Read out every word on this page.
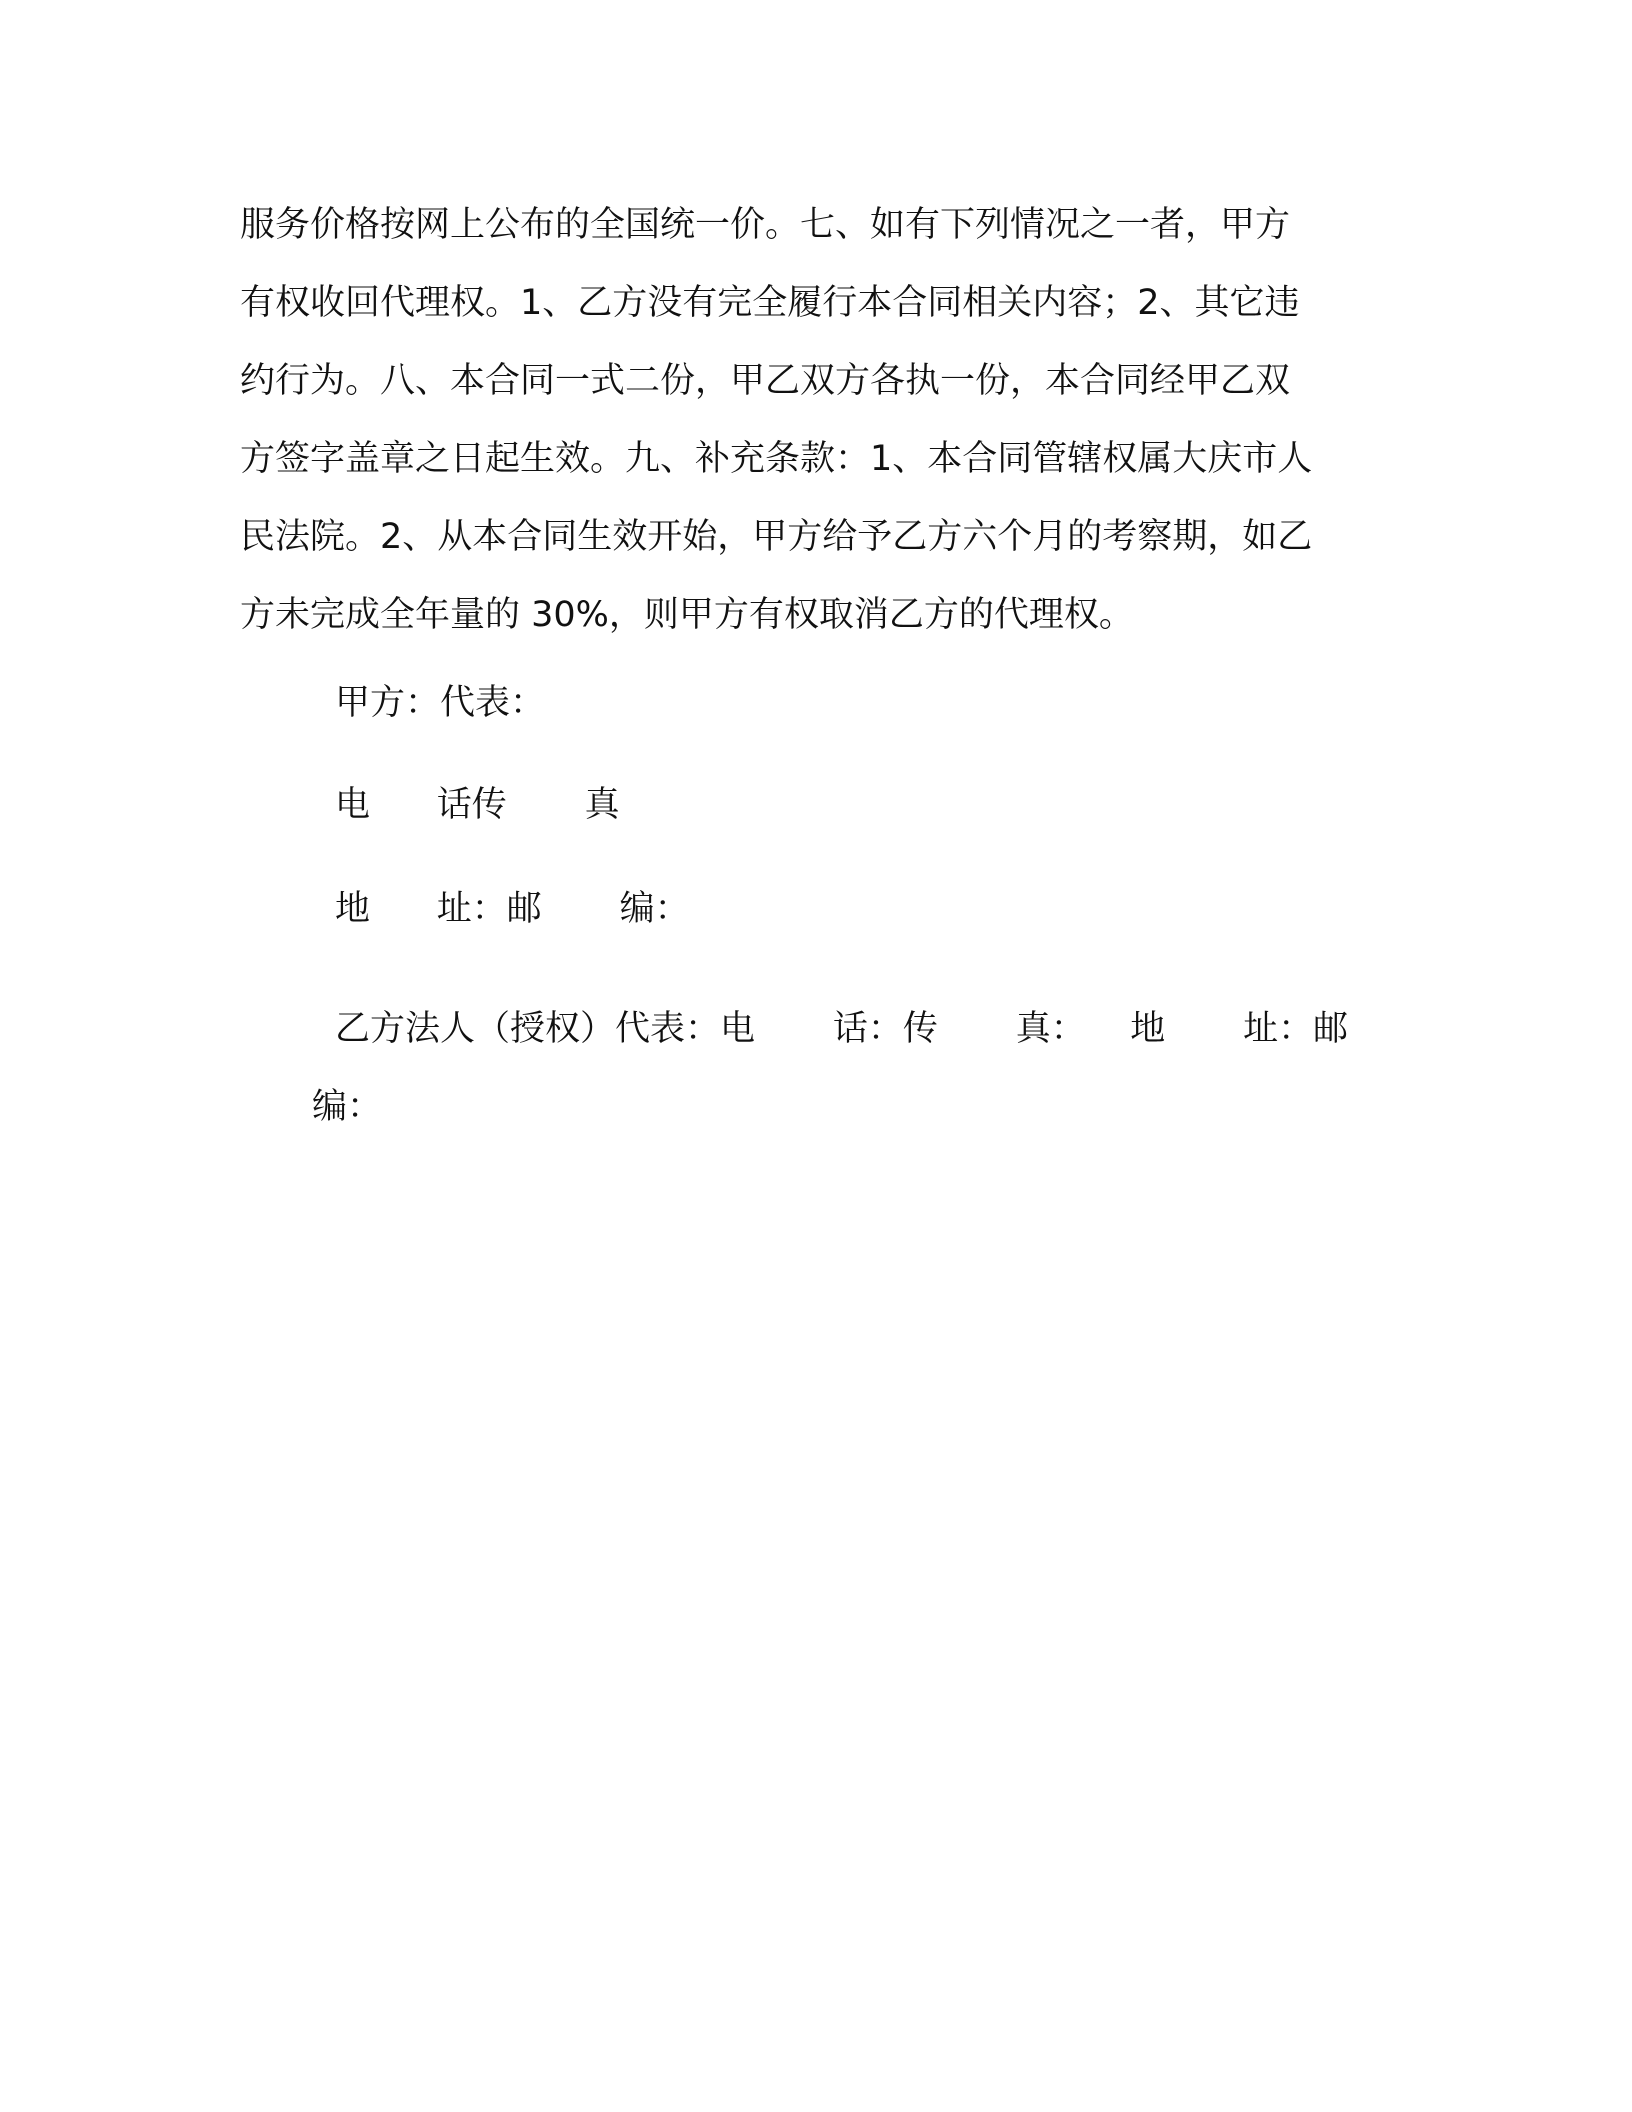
服务价格按网上公布的全国统一价。七、如有下列情况之一者，甲方
有权收回代理权。1、乙方没有完全履行本合同相关内容；2、其它违
约行为。八、本合同一式二份，甲乙双方各执一份，本合同经甲乙双
方签字盖章之日起生效。九、补充条款：1、本合同管辖权属大庆市人
民法院。2、从本合同生效开始，甲方给予乙方六个月的考察期，如乙
方未完成全年量的 30%，则甲方有权取消乙方的代理权。

甲方：代表：

电      话传       真

地      址：邮       编：

乙方法人（授权）代表：电       话：传       真：    地       址：邮
编：
